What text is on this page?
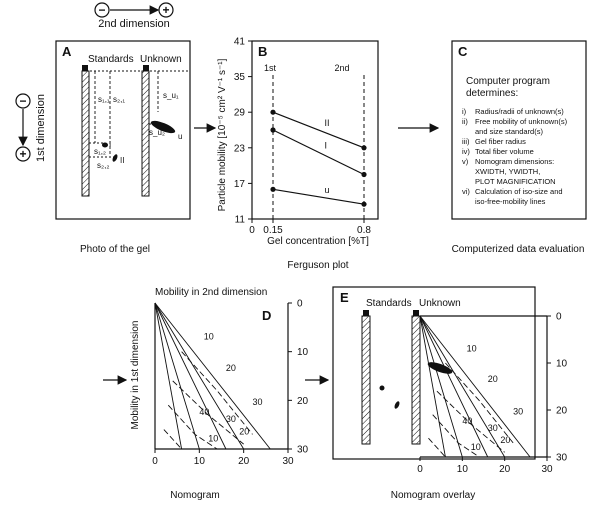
−	+
2nd dimension
−
+ 1st dimension
A
Standards Unknown
s₁,₁ s₂,₁	s_u₁
s₁,₂
s₂,₂
s_u₂
I
II
u
Photo of the gel
B
Particle mobility [10⁻⁵ cm² V⁻¹ s⁻¹]
Gel concentration [%T]
Ferguson plot
1st	2nd
11
17
23
29
35
41
0 0.15	0.8
II
I
u
C
Computer program
determines:
i) Radius/radii of unknown(s)
ii) Free mobility of unknown(s)
and size standard(s)
iii) Gel fiber radius
iv) Total fiber volume
v) Nomogram dimensions:
XWIDTH, YWIDTH,
PLOT MAGNIFICATION
vi) Calculation of iso-size and
iso-free-mobility lines
Computerized data evaluation
Mobility in 2nd dimension
Mobility in 1st dimension
Nomogram
D
0	10	20	30
0
10
20
30
10
20
30
40
30
20
10
E Standards Unknown
0	10	20	30
0
10
20
30
10
20
30
40
30
20
10
Nomogram overlay
